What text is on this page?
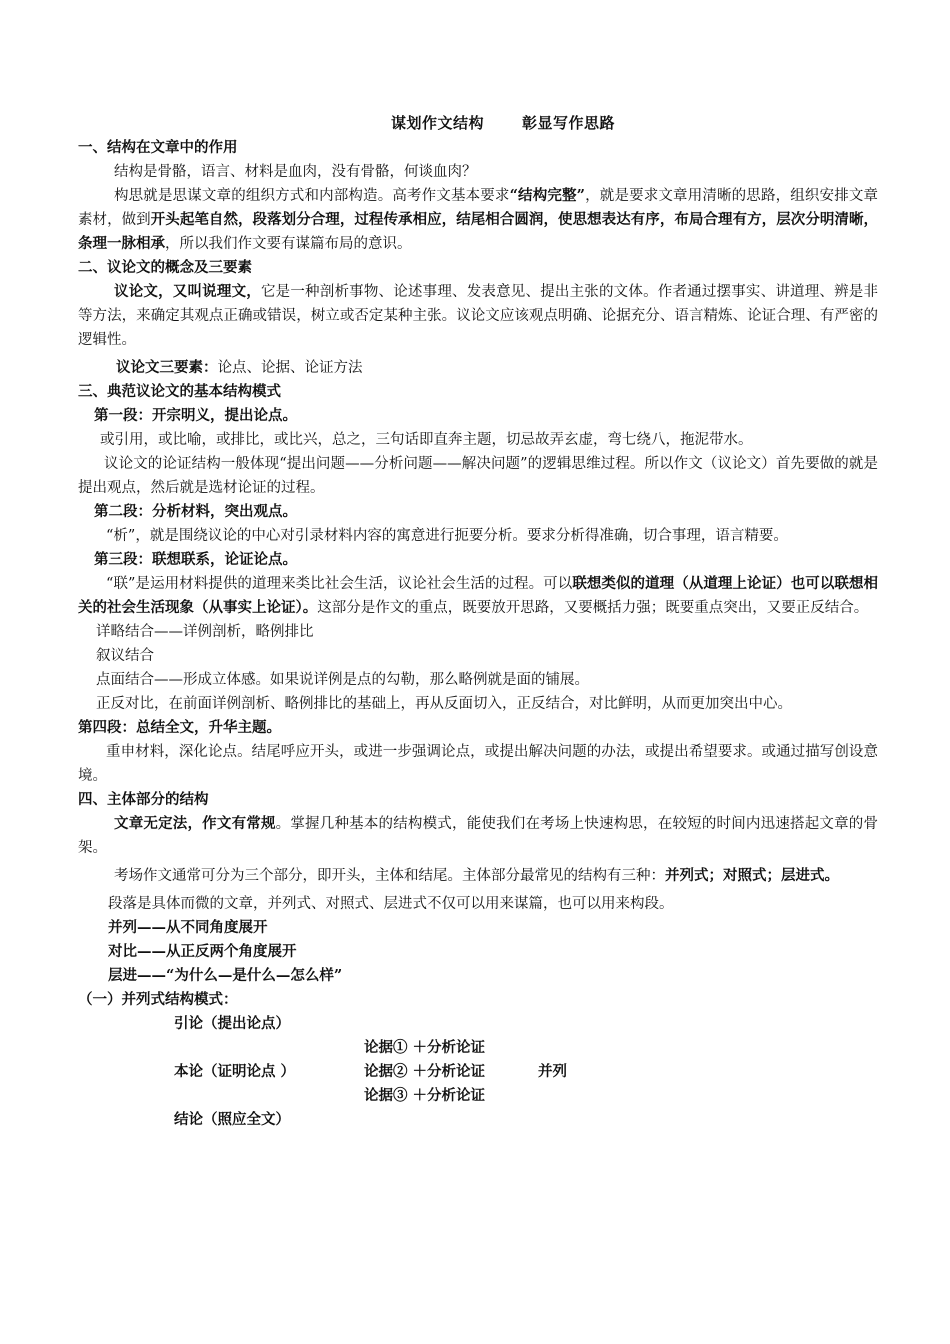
谋划作文结构	彰显写作思路
一、结构在文章中的作用
结构是骨骼，语言、材料是血肉，没有骨骼，何谈血肉？
构思就是思谋文章的组织方式和内部构造。高考作文基本要求“结构完整”，就是要求文章用清晰的思路，组织安排文章素材，做到开头起笔自然，段落划分合理，过程传承相应，结尾相合圆润，使思想表达有序，布局合理有方，层次分明清晰，条理一脉相承，所以我们作文要有谋篇布局的意识。
二、议论文的概念及三要素
议论文，又叫说理文，它是一种剖析事物、论述事理、发表意见、提出主张的文体。作者通过摆事实、讲道理、辨是非等方法，来确定其观点正确或错误，树立或否定某种主张。议论文应该观点明确、论据充分、语言精炼、论证合理、有严密的逻辑性。
议论文三要素：论点、论据、论证方法
三、典范议论文的基本结构模式
第一段：开宗明义，提出论点。
或引用，或比喻，或排比，或比兴，总之，三句话即直奔主题，切忌故弄玄虚，弯七绕八，拖泥带水。
议论文的论证结构一般体现“提出问题——分析问题——解决问题”的逻辑思维过程。所以作文（议论文）首先要做的就是提出观点，然后就是选材论证的过程。
第二段：分析材料，突出观点。
“析”，就是围绕议论的中心对引录材料内容的寓意进行扼要分析。要求分析得准确，切合事理，语言精要。
第三段：联想联系，论证论点。
“联”是运用材料提供的道理来类比社会生活，议论社会生活的过程。可以联想类似的道理（从道理上论证）也可以联想相关的社会生活现象（从事实上论证）。这部分是作文的重点，既要放开思路，又要概括力强；既要重点突出，又要正反结合。
详略结合——详例剖析，略例排比
叙议结合
点面结合——形成立体感。如果说详例是点的勾勒，那么略例就是面的铺展。
正反对比，在前面详例剖析、略例排比的基础上，再从反面切入，正反结合，对比鲜明，从而更加突出中心。
第四段：总结全文，升华主题。
重申材料，深化论点。结尾呼应开头，或进一步强调论点，或提出解决问题的办法，或提出希望要求。或通过描写创设意境。
四、主体部分的结构
文章无定法，作文有常规。掌握几种基本的结构模式，能使我们在考场上快速构思，在较短的时间内迅速搭起文章的骨架。
考场作文通常可分为三个部分，即开头，主体和结尾。主体部分最常见的结构有三种：并列式；对照式；层进式。
段落是具体而微的文章，并列式、对照式、层进式不仅可以用来谋篇，也可以用来构段。
并列——从不同角度展开
对比——从正反两个角度展开
层进——“为什么—是什么—怎么样”
（一）并列式结构模式：
引论（提出论点）
论据① ＋分析论证
本论（证明论点 ）	论据② ＋分析论证	并列
论据③ ＋分析论证
结论（照应全文）
